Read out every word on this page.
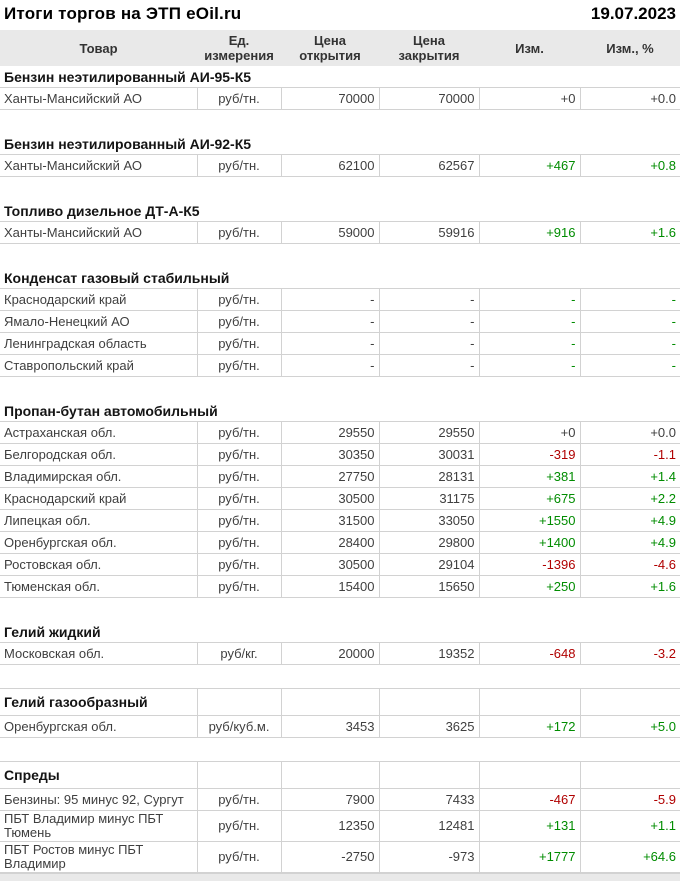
Итоги торгов на ЭТП eOil.ru	19.07.2023
Товар	Ед. измерения	Цена открытия	Цена закрытия	Изм.	Изм., %
Бензин неэтилированный АИ-95-К5					
Ханты-Мансийский АО	руб/тн.	70000	70000	+0	+0.0

Бензин неэтилированный АИ-92-К5					
Ханты-Мансийский АО	руб/тн.	62100	62567	+467	+0.8

Топливо дизельное ДТ-А-К5					
Ханты-Мансийский АО	руб/тн.	59000	59916	+916	+1.6

Конденсат газовый стабильный					
Краснодарский край	руб/тн.	-	-	-	-
Ямало-Ненецкий АО	руб/тн.	-	-	-	-
Ленинградская область	руб/тн.	-	-	-	-
Ставропольский край	руб/тн.	-	-	-	-

Пропан-бутан автомобильный					
Астраханская обл.	руб/тн.	29550	29550	+0	+0.0
Белгородская обл.	руб/тн.	30350	30031	-319	-1.1
Владимирская обл.	руб/тн.	27750	28131	+381	+1.4
Краснодарский край	руб/тн.	30500	31175	+675	+2.2
Липецкая обл.	руб/тн.	31500	33050	+1550	+4.9
Оренбургская обл.	руб/тн.	28400	29800	+1400	+4.9
Ростовская обл.	руб/тн.	30500	29104	-1396	-4.6
Тюменская обл.	руб/тн.	15400	15650	+250	+1.6

Гелий жидкий					
Московская обл.	руб/кг.	20000	19352	-648	-3.2

Гелий газообразный					
Оренбургская обл.	руб/куб.м.	3453	3625	+172	+5.0

Спреды					
Бензины: 95 минус 92, Сургут	руб/тн.	7900	7433	-467	-5.9
ПБТ Владимир минус ПБТ Тюмень	руб/тн.	12350	12481	+131	+1.1
ПБТ Ростов минус ПБТ Владимир	руб/тн.	-2750	-973	+1777	+64.6
